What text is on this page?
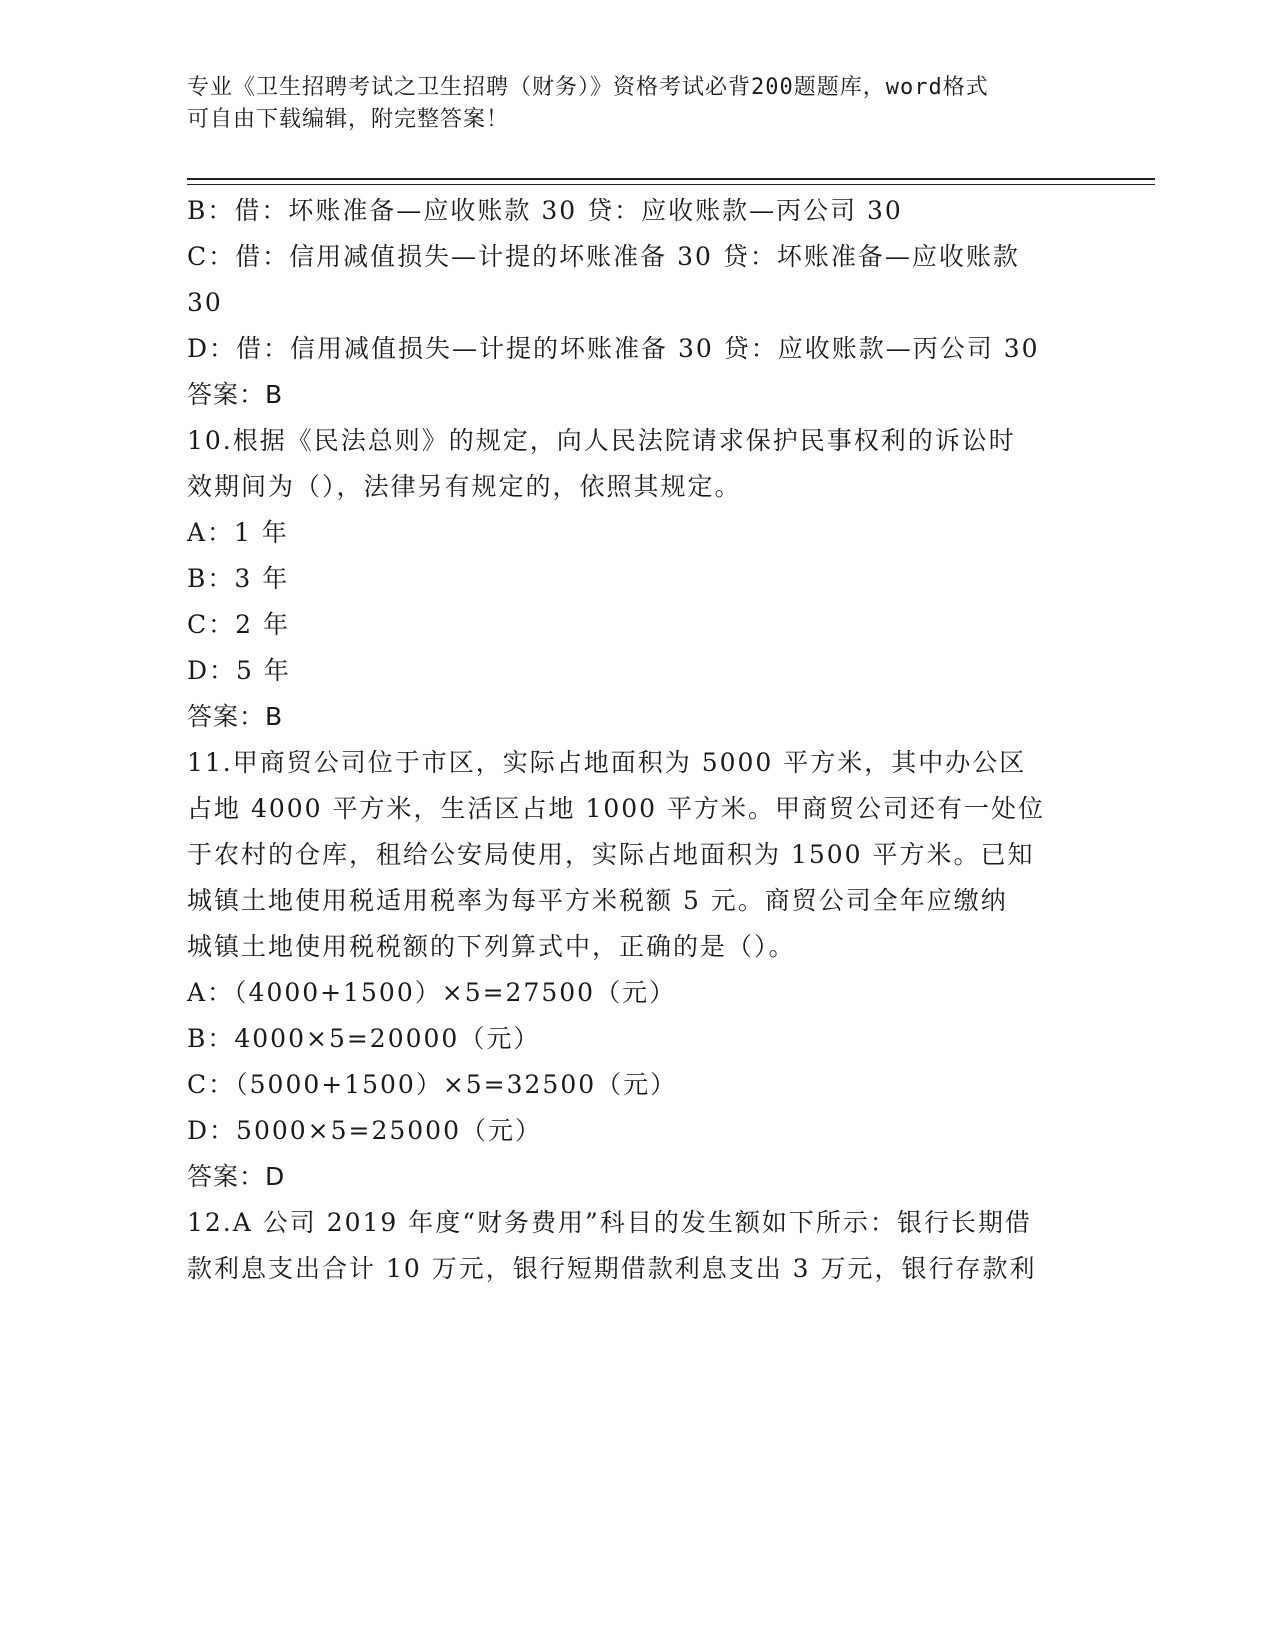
专业《卫生招聘考试之卫生招聘（财务）》资格考试必背200题题库，word格式
可自由下载编辑，附完整答案！
B：借：坏账准备—应收账款 30 贷：应收账款—丙公司 30
C：借：信用减值损失—计提的坏账准备 30 贷：坏账准备—应收账款
30
D：借：信用减值损失—计提的坏账准备 30 贷：应收账款—丙公司 30
答案：B
10.根据《民法总则》的规定，向人民法院请求保护民事权利的诉讼时
效期间为（），法律另有规定的，依照其规定。
A：1 年
B：3 年
C：2 年
D：5 年
答案：B
11.甲商贸公司位于市区，实际占地面积为 5000 平方米，其中办公区
占地 4000 平方米，生活区占地 1000 平方米。甲商贸公司还有一处位
于农村的仓库，租给公安局使用，实际占地面积为 1500 平方米。已知
城镇土地使用税适用税率为每平方米税额 5 元。商贸公司全年应缴纳
城镇土地使用税税额的下列算式中，正确的是（）。
A：（4000+1500）×5=27500（元）
B：4000×5=20000（元）
C：（5000+1500）×5=32500（元）
D：5000×5=25000（元）
答案：D
12.A 公司 2019 年度“财务费用”科目的发生额如下所示：银行长期借
款利息支出合计 10 万元，银行短期借款利息支出 3 万元，银行存款利
